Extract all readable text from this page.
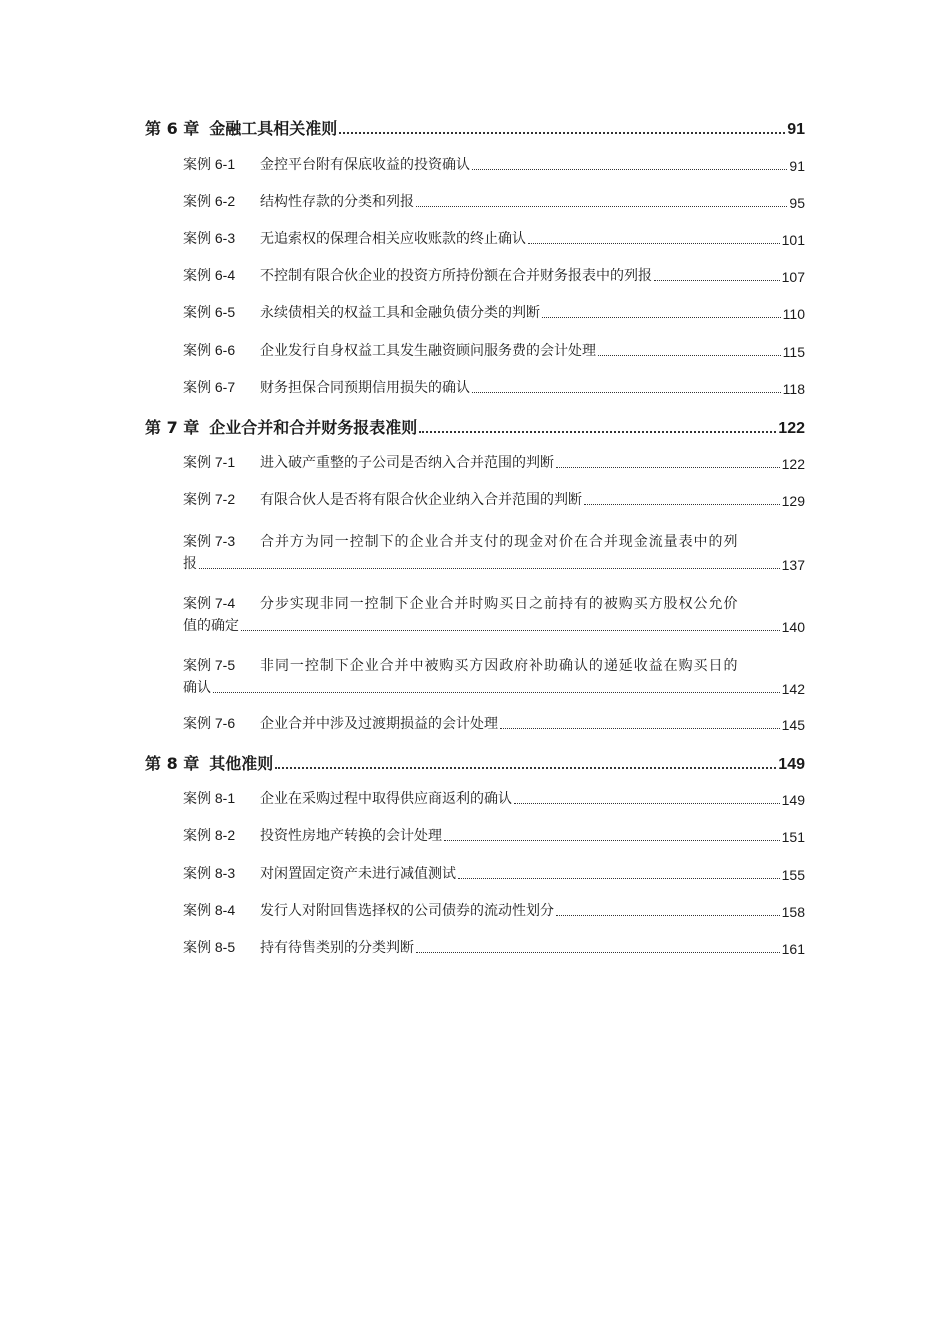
第 6 章 金融工具相关准则	91
案例 6-1	金控平台附有保底收益的投资确认	91
案例 6-2	结构性存款的分类和列报	95
案例 6-3	无追索权的保理合相关应收账款的终止确认	101
案例 6-4	不控制有限合伙企业的投资方所持份额在合并财务报表中的列报	107
案例 6-5	永续债相关的权益工具和金融负债分类的判断	110
案例 6-6	企业发行自身权益工具发生融资顾问服务费的会计处理	115
案例 6-7	财务担保合同预期信用损失的确认	118
第 7 章 企业合并和合并财务报表准则	122
案例 7-1	进入破产重整的子公司是否纳入合并范围的判断	122
案例 7-2	有限合伙人是否将有限合伙企业纳入合并范围的判断	129
案例 7-3	合并方为同一控制下的企业合并支付的现金对价在合并现金流量表中的列
报	137
案例 7-4	分步实现非同一控制下企业合并时购买日之前持有的被购买方股权公允价
值的确定	140
案例 7-5	非同一控制下企业合并中被购买方因政府补助确认的递延收益在购买日的
确认	142
案例 7-6	企业合并中涉及过渡期损益的会计处理	145
第 8 章 其他准则	149
案例 8-1	企业在采购过程中取得供应商返利的确认	149
案例 8-2	投资性房地产转换的会计处理	151
案例 8-3	对闲置固定资产未进行减值测试	155
案例 8-4	发行人对附回售选择权的公司债券的流动性划分	158
案例 8-5	持有待售类别的分类判断	161
